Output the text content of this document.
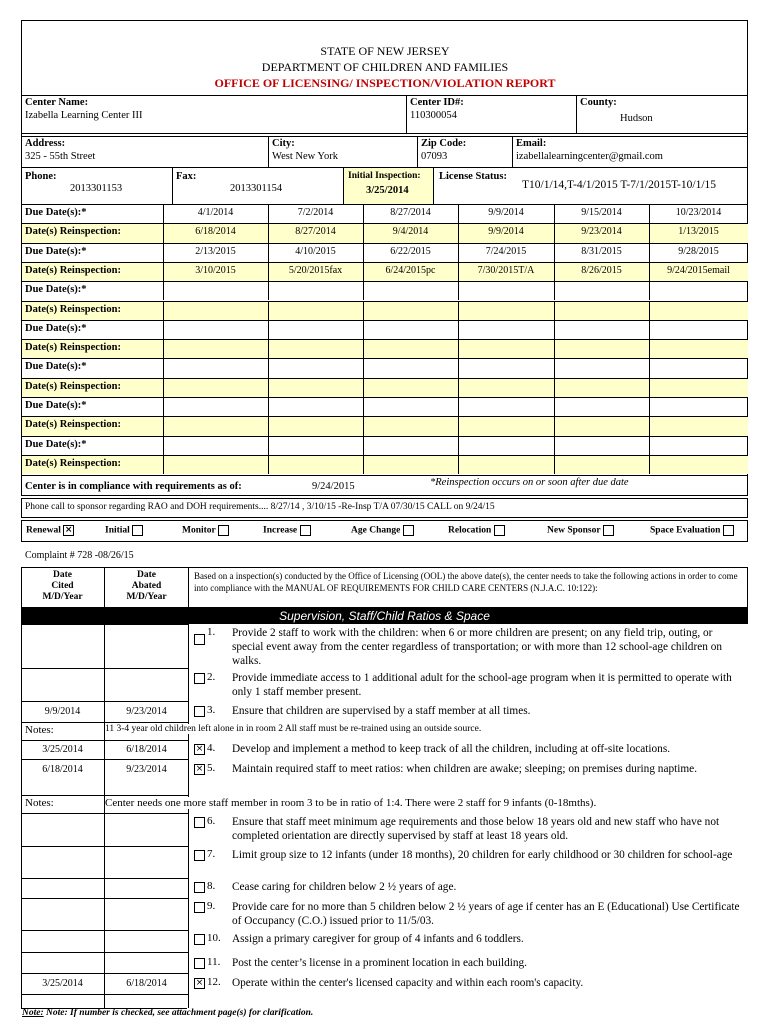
STATE OF NEW JERSEY
DEPARTMENT OF CHILDREN AND FAMILIES
OFFICE OF LICENSING/ INSPECTION/VIOLATION REPORT
Center Name:
Izabella Learning Center III
Center ID#:
110300054
County:
Hudson
Address:
325 - 55th Street
City:
West New York
Zip Code:
07093
Email:
izabellalearningcenter@gmail.com
Phone:
2013301153
Fax:
2013301154
Initial Inspection:
3/25/2014
License Status:
T10/1/14,T-4/1/2015 T-7/1/2015T-10/1/15
Due Date(s):*	4/1/2014	7/2/2014	8/27/2014	9/9/2014	9/15/2014	10/23/2014
Date(s) Reinspection:	6/18/2014	8/27/2014	9/4/2014	9/9/2014	9/23/2014	1/13/2015
Due Date(s):*	2/13/2015	4/10/2015	6/22/2015	7/24/2015	8/31/2015	9/28/2015
Date(s) Reinspection:	3/10/2015	5/20/2015fax	6/24/2015pc	7/30/2015T/A	8/26/2015	9/24/2015email
Due Date(s):*
Date(s) Reinspection:
Due Date(s):*
Date(s) Reinspection:
Due Date(s):*
Date(s) Reinspection:
Due Date(s):*
Date(s) Reinspection:
Due Date(s):*
Date(s) Reinspection:
Center is in compliance with requirements as of:	9/24/2015	*Reinspection occurs on or soon after due date
Phone call to sponsor regarding RAO and DOH requirements.... 8/27/14 , 3/10/15 -Re-Insp T/A 07/30/15 CALL on 9/24/15
Renewal ×	Initial	Monitor	Increase	Age Change	Relocation	New Sponsor	Space Evaluation
Complaint # 728 -08/26/15
Date
Cited
M/D/Year
Date
Abated
M/D/Year
Based on a inspection(s) conducted by the Office of Licensing (OOL) the above date(s), the center needs to take the following actions in order to come into compliance with the MANUAL OF REQUIREMENTS FOR CHILD CARE CENTERS (N.J.A.C. 10:122):
Supervision, Staff/Child Ratios & Space
1. Provide 2 staff to work with the children: when 6 or more children are present; on any field trip, outing, or special event away from the center regardless of transportation; or with more than 12 school-age children on walks.
2. Provide immediate access to 1 additional adult for the school-age program when it is permitted to operate with only 1 staff member present.
9/9/2014	9/23/2014	3. Ensure that children are supervised by a staff member at all times.
Notes:	11 3-4 year old children left alone in in room 2 All staff must be re-trained using an outside source.
3/25/2014	6/18/2014	× 4. Develop and implement a method to keep track of all the children, including at off-site locations.
6/18/2014	9/23/2014	× 5. Maintain required staff to meet ratios: when children are awake; sleeping; on premises during naptime.
Notes:	Center needs one more staff member in room 3 to be in ratio of 1:4. There were 2 staff for 9 infants (0-18mths).
6. Ensure that staff meet minimum age requirements and those below 18 years old and new staff who have not completed orientation are directly supervised by staff at least 18 years old.
7. Limit group size to 12 infants (under 18 months), 20 children for early childhood or 30 children for school-age
8. Cease caring for children below 2 ½ years of age.
9. Provide care for no more than 5 children below 2 ½ years of age if center has an E (Educational) Use Certificate of Occupancy (C.O.) issued prior to 11/5/03.
10. Assign a primary caregiver for group of 4 infants and 6 toddlers.
11. Post the center’s license in a prominent location in each building.
3/25/2014	6/18/2014	× 12. Operate within the center's licensed capacity and within each room's capacity.
Note: Note: If number is checked, see attachment page(s) for clarification.
